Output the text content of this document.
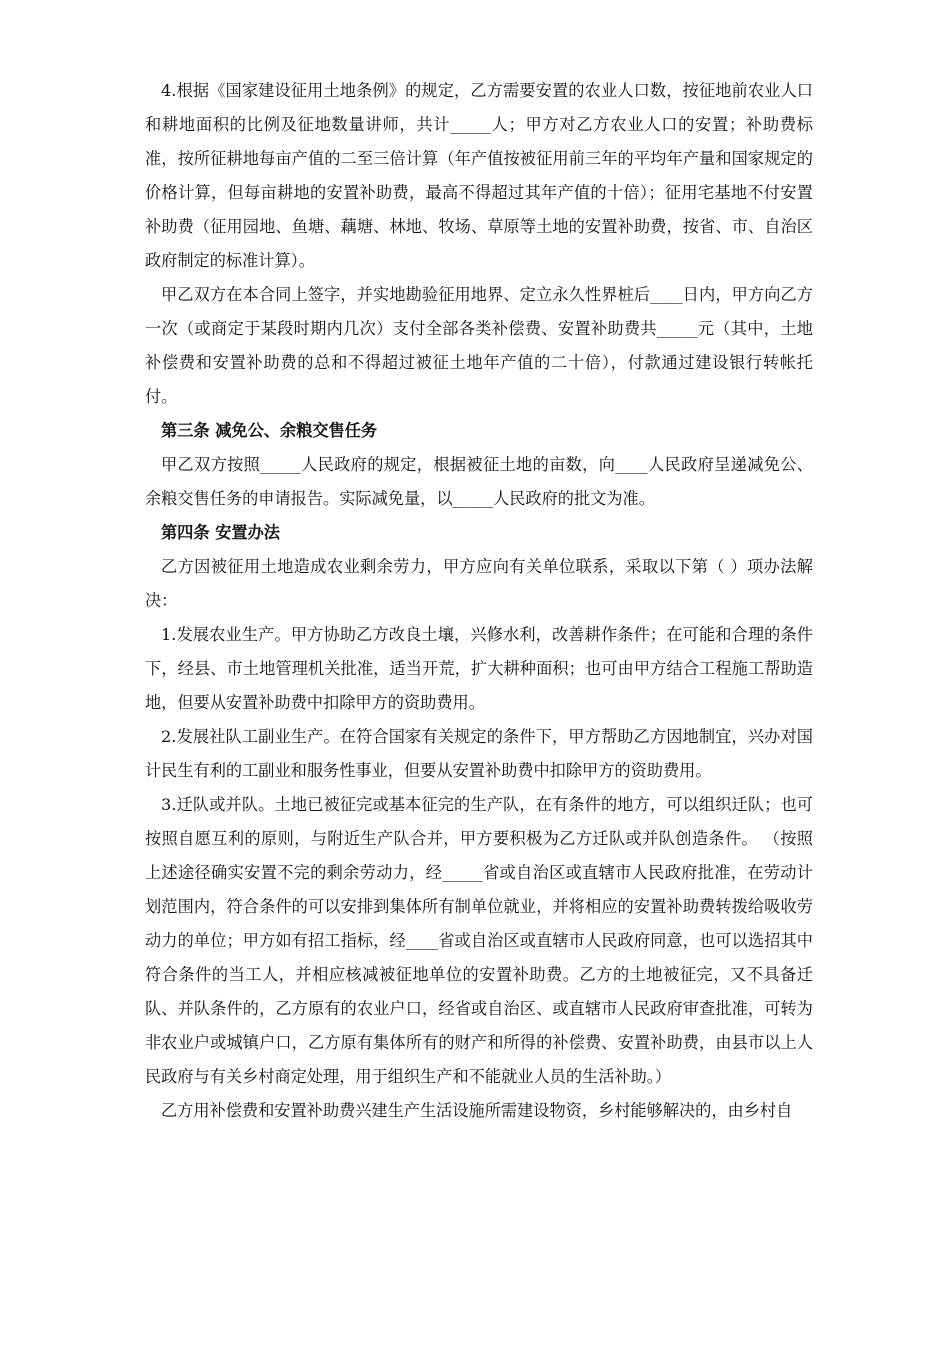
4.根据《国家建设征用土地条例》的规定，乙方需要安置的农业人口数，按征地前农业人口和耕地面积的比例及征地数量讲师，共计_____人；甲方对乙方农业人口的安置；补助费标准，按所征耕地每亩产值的二至三倍计算（年产值按被征用前三年的平均年产量和国家规定的价格计算，但每亩耕地的安置补助费，最高不得超过其年产值的十倍）；征用宅基地不付安置补助费（征用园地、鱼塘、藕塘、林地、牧场、草原等土地的安置补助费，按省、市、自治区政府制定的标准计算）。

甲乙双方在本合同上签字，并实地勘验征用地界、定立永久性界桩后____日内，甲方向乙方一次（或商定于某段时期内几次）支付全部各类补偿费、安置补助费共_____元（其中，土地补偿费和安置补助费的总和不得超过被征土地年产值的二十倍），付款通过建设银行转帐托付。

第三条 减免公、余粮交售任务

甲乙双方按照_____人民政府的规定，根据被征土地的亩数，向____人民政府呈递减免公、余粮交售任务的申请报告。实际减免量，以_____人民政府的批文为准。

第四条 安置办法

乙方因被征用土地造成农业剩余劳力，甲方应向有关单位联系，采取以下第（ ）项办法解决：

1.发展农业生产。甲方协助乙方改良土壤，兴修水利，改善耕作条件；在可能和合理的条件下，经县、市土地管理机关批准，适当开荒，扩大耕种面积；也可由甲方结合工程施工帮助造地，但要从安置补助费中扣除甲方的资助费用。

2.发展社队工副业生产。在符合国家有关规定的条件下，甲方帮助乙方因地制宜，兴办对国计民生有利的工副业和服务性事业，但要从安置补助费中扣除甲方的资助费用。

3.迁队或并队。土地已被征完或基本征完的生产队，在有条件的地方，可以组织迁队；也可按照自愿互利的原则，与附近生产队合并，甲方要积极为乙方迁队或并队创造条件。 （按照上述途径确实安置不完的剩余劳动力，经_____省或自治区或直辖市人民政府批准，在劳动计划范围内，符合条件的可以安排到集体所有制单位就业，并将相应的安置补助费转拨给吸收劳动力的单位；甲方如有招工指标，经____省或自治区或直辖市人民政府同意，也可以选招其中符合条件的当工人，并相应核减被征地单位的安置补助费。乙方的土地被征完，又不具备迁队、并队条件的，乙方原有的农业户口，经省或自治区、或直辖市人民政府审查批准，可转为非农业户或城镇户口，乙方原有集体所有的财产和所得的补偿费、安置补助费，由县市以上人民政府与有关乡村商定处理，用于组织生产和不能就业人员的生活补助。）

乙方用补偿费和安置补助费兴建生产生活设施所需建设物资，乡村能够解决的，由乡村自
